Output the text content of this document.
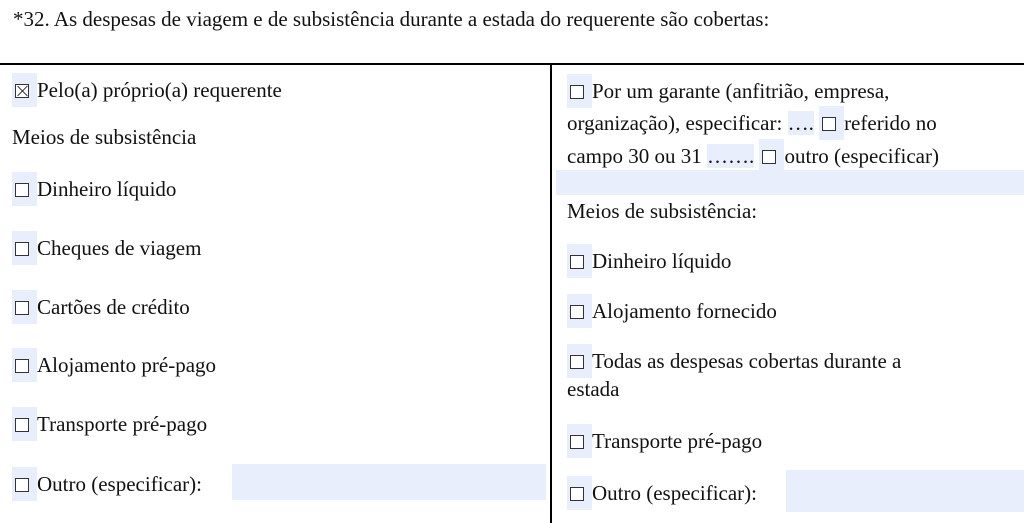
*32. As despesas de viagem e de subsistência durante a estada do requerente são cobertas:
Pelo(a) próprio(a) requerente
Meios de subsistência
Dinheiro líquido
Cheques de viagem
Cartões de crédito
Alojamento pré-pago
Transporte pré-pago
Outro (especificar):
Por um garante (anfitrião, empresa,
organização), especificar: …. referido no
campo 30 ou 31 ……. outro (especificar)
Meios de subsistência:
Dinheiro líquido
Alojamento fornecido
Todas as despesas cobertas durante a
estada
Transporte pré-pago
Outro (especificar):
